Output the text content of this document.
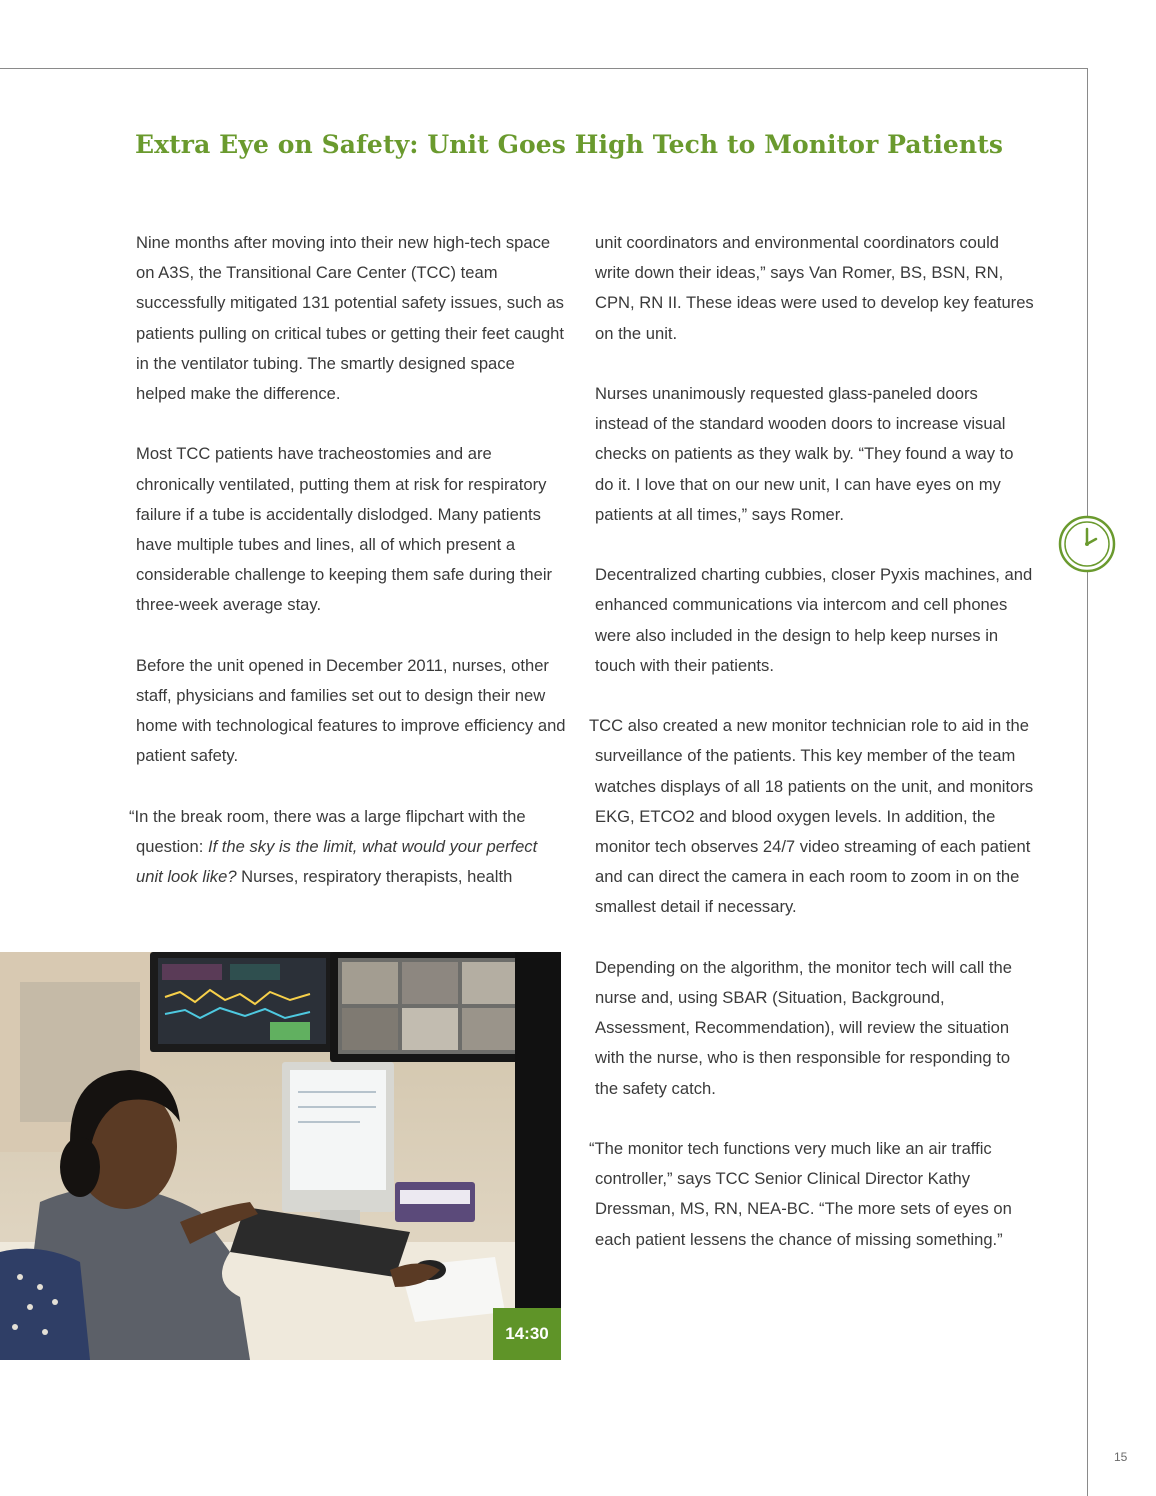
Extra Eye on Safety: Unit Goes High Tech to Monitor Patients

Nine months after moving into their new high-tech space on A3S, the Transitional Care Center (TCC) team successfully mitigated 131 potential safety issues, such as patients pulling on critical tubes or getting their feet caught in the ventilator tubing. The smartly designed space helped make the difference.

Most TCC patients have tracheostomies and are chronically ventilated, putting them at risk for respiratory failure if a tube is accidentally dislodged. Many patients have multiple tubes and lines, all of which present a considerable challenge to keeping them safe during their three-week average stay.

Before the unit opened in December 2011, nurses, other staff, physicians and families set out to design their new home with technological features to improve efficiency and patient safety.

“In the break room, there was a large flipchart with the question: If the sky is the limit, what would your perfect unit look like? Nurses, respiratory therapists, health

unit coordinators and environmental coordinators could write down their ideas,” says Van Romer, BS, BSN, RN, CPN, RN II. These ideas were used to develop key features on the unit.

Nurses unanimously requested glass-paneled doors instead of the standard wooden doors to increase visual checks on patients as they walk by. “They found a way to do it. I love that on our new unit, I can have eyes on my patients at all times,” says Romer.

Decentralized charting cubbies, closer Pyxis machines, and enhanced communications via intercom and cell phones were also included in the design to help keep nurses in touch with their patients.

TCC also created a new monitor technician role to aid in the surveillance of the patients. This key member of the team watches displays of all 18 patients on the unit, and monitors EKG, ETCO2 and blood oxygen levels. In addition, the monitor tech observes 24/7 video streaming of each patient and can direct the camera in each room to zoom in on the smallest detail if necessary.

Depending on the algorithm, the monitor tech will call the nurse and, using SBAR (Situation, Background, Assessment, Recommendation), will review the situation with the nurse, who is then responsible for responding to the safety catch.

“The monitor tech functions very much like an air traffic controller,” says TCC Senior Clinical Director Kathy Dressman, MS, RN, NEA-BC. “The more sets of eyes on each patient lessens the chance of missing something.”

14:30
15
